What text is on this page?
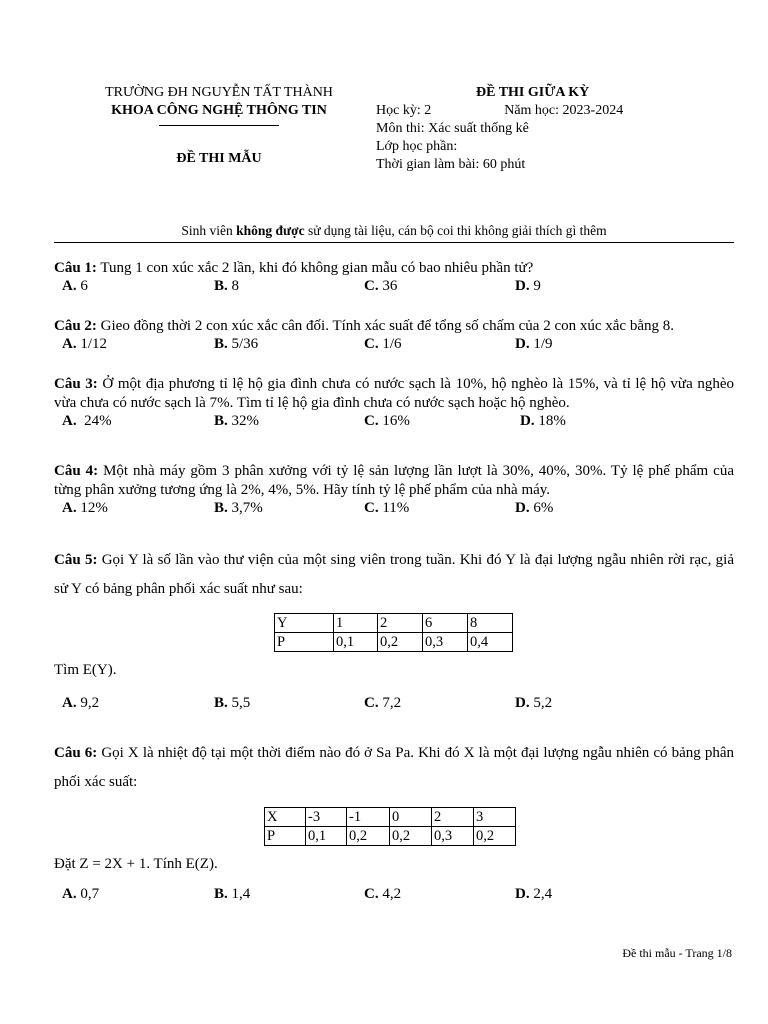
TRƯỜNG ĐH NGUYỄN TẤT THÀNH
KHOA CÔNG NGHỆ THÔNG TIN
ĐỀ THI MẪU
ĐỀ THI GIỮA KỲ
Học kỳ: 2	Năm học: 2023-2024
Môn thi: Xác suất thống kê
Lớp học phần:
Thời gian làm bài: 60 phút
Sinh viên không được sử dụng tài liệu, cán bộ coi thi không giải thích gì thêm
Câu 1: Tung 1 con xúc xắc 2 lần, khi đó không gian mẫu có bao nhiêu phần tử?
A. 6	B. 8	C. 36	D. 9
Câu 2: Gieo đồng thời 2 con xúc xắc cân đối. Tính xác suất để tổng số chấm của 2 con xúc xắc bằng 8.
A. 1/12	B. 5/36	C. 1/6	D. 1/9
Câu 3: Ở một địa phương tỉ lệ hộ gia đình chưa có nước sạch là 10%, hộ nghèo là 15%, và tỉ lệ hộ vừa nghèo vừa chưa có nước sạch là 7%. Tìm tỉ lệ hộ gia đình chưa có nước sạch hoặc hộ nghèo.
A.  24%	B. 32%	C. 16%	D. 18%
Câu 4: Một nhà máy gồm 3 phân xưởng với tỷ lệ sản lượng lần lượt là 30%, 40%, 30%. Tỷ lệ phế phẩm của từng phân xưởng tương ứng là 2%, 4%, 5%. Hãy tính tỷ lệ phế phẩm của nhà máy.
A. 12%	B. 3,7%	C. 11%	D. 6%
Câu 5: Gọi Y là số lần vào thư viện của một sing viên trong tuần. Khi đó Y là đại lượng ngẫu nhiên rời rạc, giả sử Y có bảng phân phối xác suất như sau:
Y	1	2	6	8
P	0,1	0,2	0,3	0,4
Tìm E(Y).
A. 9,2	B. 5,5	C. 7,2	D. 5,2
Câu 6: Gọi X là nhiệt độ tại một thời điểm nào đó ở Sa Pa. Khi đó X là một đại lượng ngẫu nhiên có bảng phân phối xác suất:
X	-3	-1	0	2	3
P	0,1	0,2	0,2	0,3	0,2
Đặt Z = 2X + 1. Tính E(Z).
A. 0,7	B. 1,4	C. 4,2	D. 2,4
Đề thi mẫu - Trang 1/8
